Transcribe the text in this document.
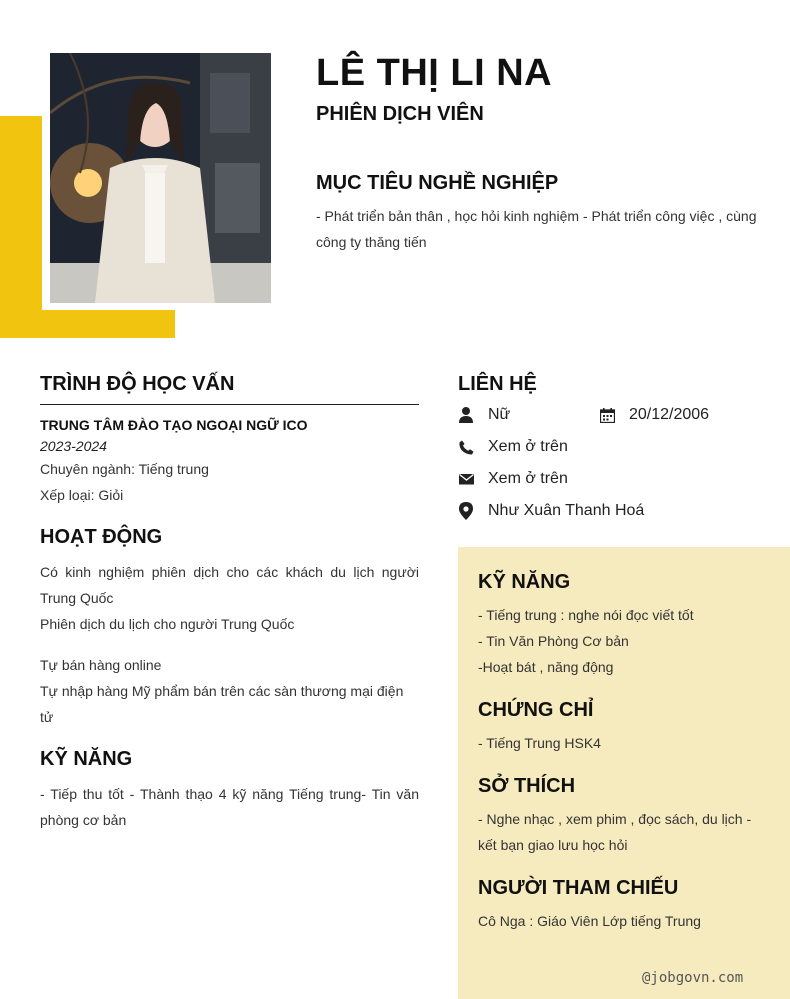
LÊ THỊ LI NA
PHIÊN DỊCH VIÊN
MỤC TIÊU NGHỀ NGHIỆP
- Phát triển bản thân , học hỏi kinh nghiệm - Phát triển công việc , cùng công ty thăng tiến
TRÌNH ĐỘ HỌC VẤN
TRUNG TÂM ĐÀO TẠO NGOẠI NGỮ ICO
2023-2024
Chuyên ngành: Tiếng trung
Xếp loại: Giỏi
HOẠT ĐỘNG
Có kinh nghiệm phiên dịch cho các khách du lịch người Trung Quốc
Phiên dịch du lịch cho người Trung Quốc
Tự bán hàng online
Tự nhập hàng Mỹ phẩm bán trên các sàn thương mại điện tử
KỸ NĂNG
- Tiếp thu tốt - Thành thạo 4 kỹ năng Tiếng trung- Tin văn phòng cơ bản
LIÊN HỆ
Nữ	20/12/2006
Xem ở trên
Xem ở trên
Như Xuân Thanh Hoá
KỸ NĂNG
- Tiếng trung : nghe nói đọc viết tốt
- Tin Văn Phòng Cơ bản
-Hoạt bát , năng động
CHỨNG CHỈ
- Tiếng Trung HSK4
SỞ THÍCH
- Nghe nhạc , xem phim , đọc sách, du lịch - kết bạn giao lưu học hỏi
NGƯỜI THAM CHIẾU
Cô Nga : Giáo Viên Lớp tiếng Trung
@jobgovn.com
